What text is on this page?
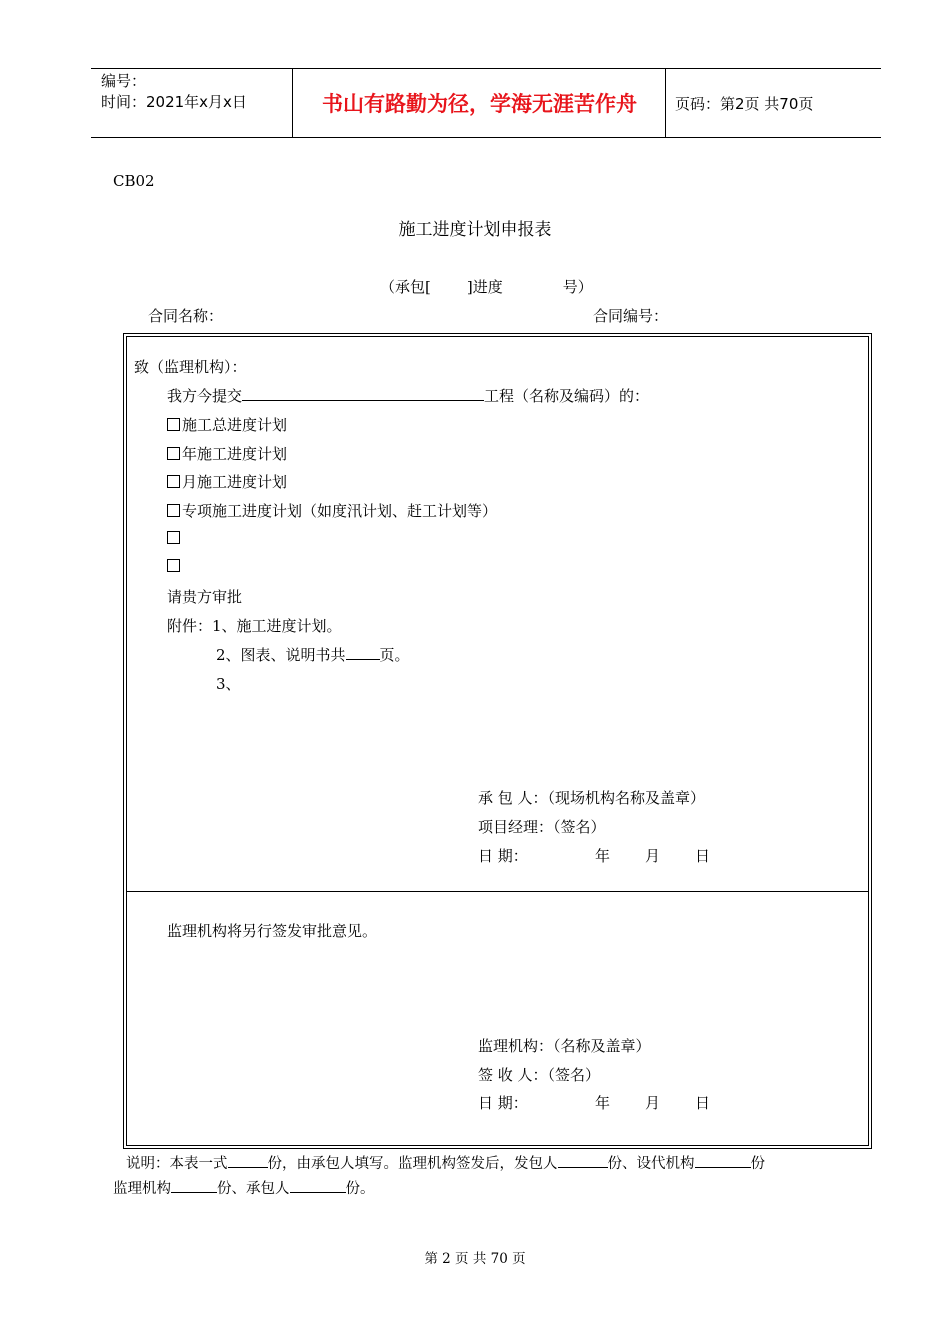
编号：
时间：2021年x月x日	书山有路勤为径，学海无涯苦作舟	页码：第2页 共70页
CB02
施工进度计划申报表
（承包[ ]进度	号）
合同名称：	合同编号：
致（监理机构）：
我方今提交	工程（名称及编码）的：
施工总进度计划
年施工进度计划
月施工进度计划
专项施工进度计划（如度汛计划、赶工计划等）
请贵方审批
附件：1、施工进度计划。
2、图表、说明书共 页。
3、
承 包 人：（现场机构名称及盖章）
项目经理：（签名）
日 期：	年 月 日
监理机构将另行签发审批意见。
监理机构：（名称及盖章）
签 收 人：（签名）
日 期：	年 月 日
说明：本表一式	份，由承包人填写。监理机构签发后，发包人	份、设代机构	份
监理机构	份、承包人	份。
第 2 页 共 70 页
